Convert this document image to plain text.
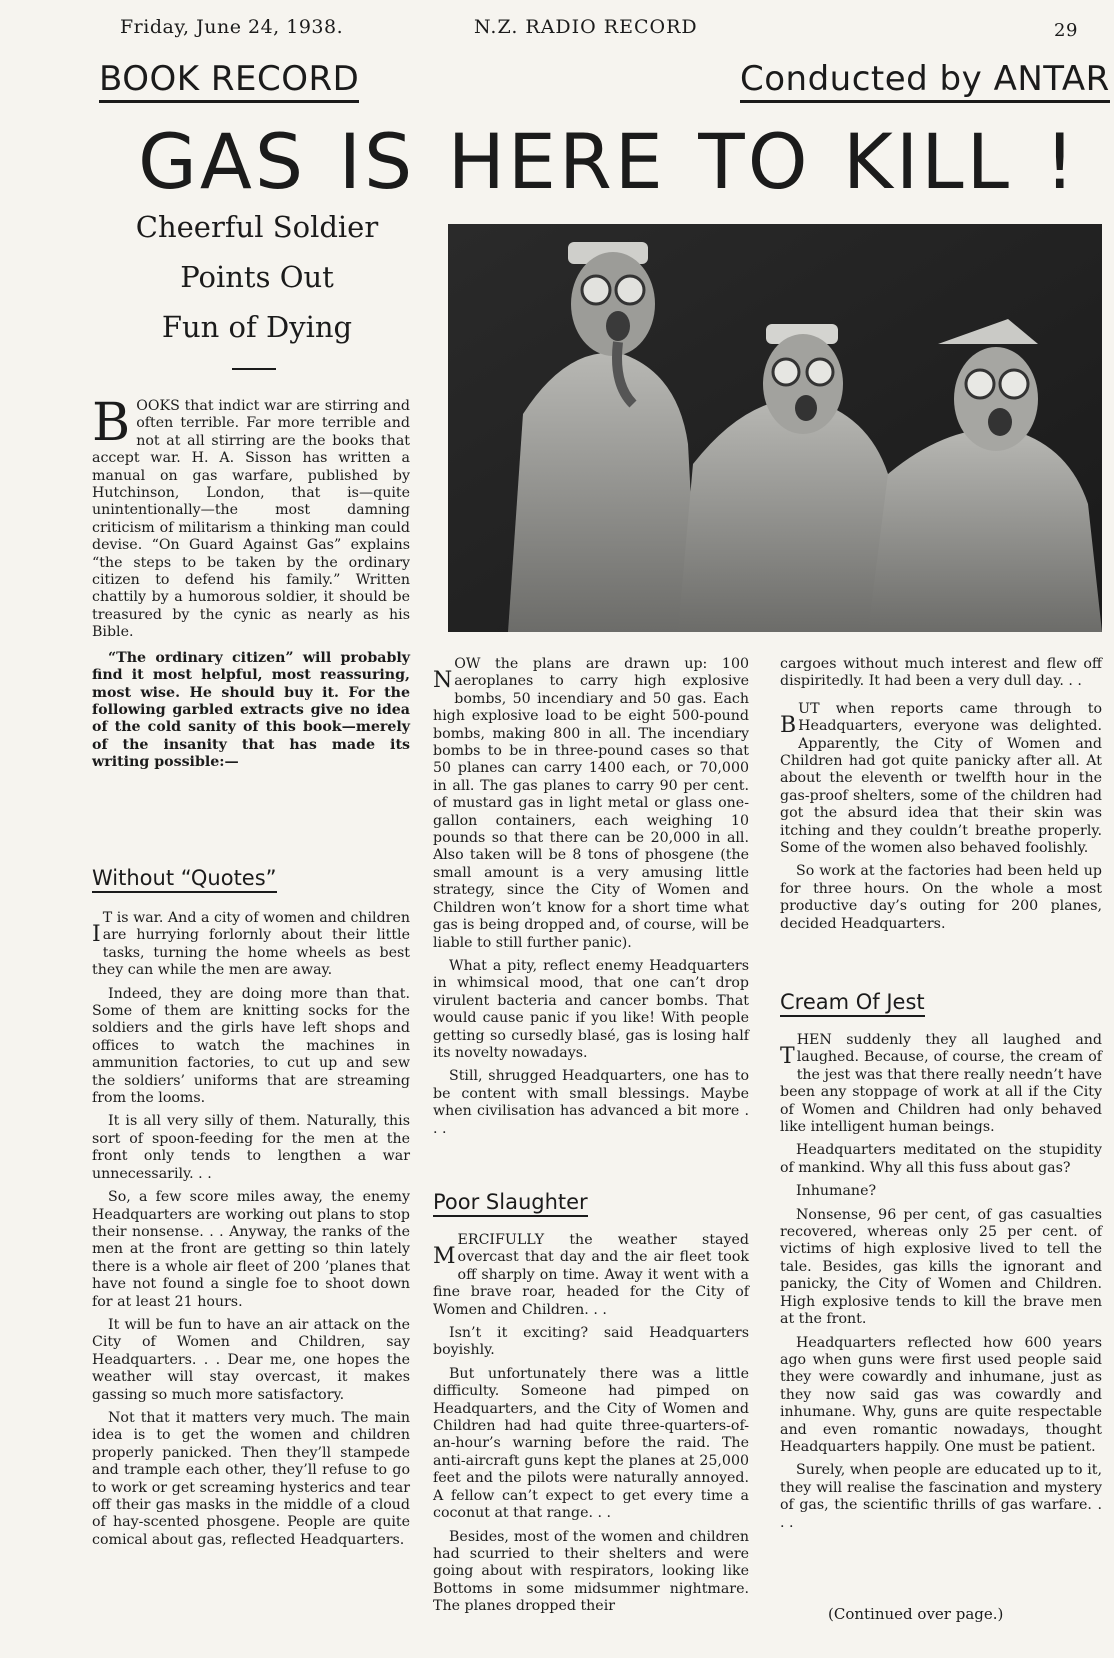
Friday, June 24, 1938.	N.Z. RADIO RECORD	29
BOOK RECORD	Conducted by ANTAR
GAS IS HERE TO KILL !
Cheerful Soldier
Points Out
Fun of Dying

BOOKS that indict war are stirring and often terrible. Far more terrible and not at all stirring are the books that accept war. H. A. Sisson has written a manual on gas warfare, published by Hutchinson, London, that is—quite unintentionally—the most damning criticism of militarism a thinking man could devise. “On Guard Against Gas” explains “the steps to be taken by the ordinary citizen to defend his family.” Written chattily by a humorous soldier, it should be treasured by the cynic as nearly as his Bible.

“The ordinary citizen” will probably find it most helpful, most reassuring, most wise. He should buy it. For the following garbled extracts give no idea of the cold sanity of this book—merely of the insanity that has made its writing possible:—

Without “Quotes”

I
T is war. And a city of women and children are hurrying forlornly about their little tasks, turning the home wheels as best they can while the men are away.

Indeed, they are doing more than that. Some of them are knitting socks for the soldiers and the girls have left shops and offices to watch the machines in ammunition factories, to cut up and sew the soldiers’ uniforms that are streaming from the looms.

It is all very silly of them. Naturally, this sort of spoon-feeding for the men at the front only tends to lengthen a war unnecessarily. . .

So, a few score miles away, the enemy Headquarters are working out plans to stop their nonsense. . . Anyway, the ranks of the men at the front are getting so thin lately there is a whole air fleet of 200 ’planes that have not found a single foe to shoot down for at least 21 hours.

It will be fun to have an air attack on the City of Women and Children, say Headquarters. . . Dear me, one hopes the weather will stay overcast, it makes gassing so much more satisfactory.

Not that it matters very much. The main idea is to get the women and children properly panicked. Then they’ll stampede and trample each other, they’ll refuse to go to work or get screaming hysterics and tear off their gas masks in the middle of a cloud of hay-scented phosgene. People are quite comical about gas, reflected Headquarters.

N
OW the plans are drawn up: 100 aeroplanes to carry high explosive bombs, 50 incendiary and 50 gas. Each high explosive load to be eight 500-pound bombs, making 800 in all. The incendiary bombs to be in three-pound cases so that 50 planes can carry 1400 each, or 70,000 in all. The gas planes to carry 90 per cent. of mustard gas in light metal or glass one-gallon containers, each weighing 10 pounds so that there can be 20,000 in all. Also taken will be 8 tons of phosgene (the small amount is a very amusing little strategy, since the City of Women and Children won’t know for a short time what gas is being dropped and, of course, will be liable to still further panic).

What a pity, reflect enemy Headquarters in whimsical mood, that one can’t drop virulent bacteria and cancer bombs. That would cause panic if you like! With people getting so cursedly blasé, gas is losing half its novelty nowadays.

Still, shrugged Headquarters, one has to be content with small blessings. Maybe when civilisation has advanced a bit more . . .

Poor Slaughter

M
ERCIFULLY the weather stayed overcast that day and the air fleet took off sharply on time. Away it went with a fine brave roar, headed for the City of Women and Children. . .

Isn’t it exciting? said Headquarters boyishly.

But unfortunately there was a little difficulty. Someone had pimped on Headquarters, and the City of Women and Children had had quite three-quarters-of-an-hour’s warning before the raid. The anti-aircraft guns kept the planes at 25,000 feet and the pilots were naturally annoyed. A fellow can’t expect to get every time a coconut at that range. . .

Besides, most of the women and children had scurried to their shelters and were going about with respirators, looking like Bottoms in some midsummer nightmare. The planes dropped their

cargoes without much interest and flew off dispiritedly. It had been a very dull day. . .

B
UT when reports came through to Headquarters, everyone was delighted. Apparently, the City of Women and Children had got quite panicky after all. At about the eleventh or twelfth hour in the gas-proof shelters, some of the children had got the absurd idea that their skin was itching and they couldn’t breathe properly. Some of the women also behaved foolishly.

So work at the factories had been held up for three hours. On the whole a most productive day’s outing for 200 planes, decided Headquarters.

Cream Of Jest

T
HEN suddenly they all laughed and laughed. Because, of course, the cream of the jest was that there really needn’t have been any stoppage of work at all if the City of Women and Children had only behaved like intelligent human beings.

Headquarters meditated on the stupidity of mankind. Why all this fuss about gas?

Inhumane?

Nonsense, 96 per cent, of gas casualties recovered, whereas only 25 per cent. of victims of high explosive lived to tell the tale. Besides, gas kills the ignorant and panicky, the City of Women and Children. High explosive tends to kill the brave men at the front.

Headquarters reflected how 600 years ago when guns were first used people said they were cowardly and inhumane, just as they now said gas was cowardly and inhumane. Why, guns are quite respectable and even romantic nowadays, thought Headquarters happily. One must be patient.

Surely, when people are educated up to it, they will realise the fascination and mystery of gas, the scientific thrills of gas warfare. . . .

(Continued over page.)
